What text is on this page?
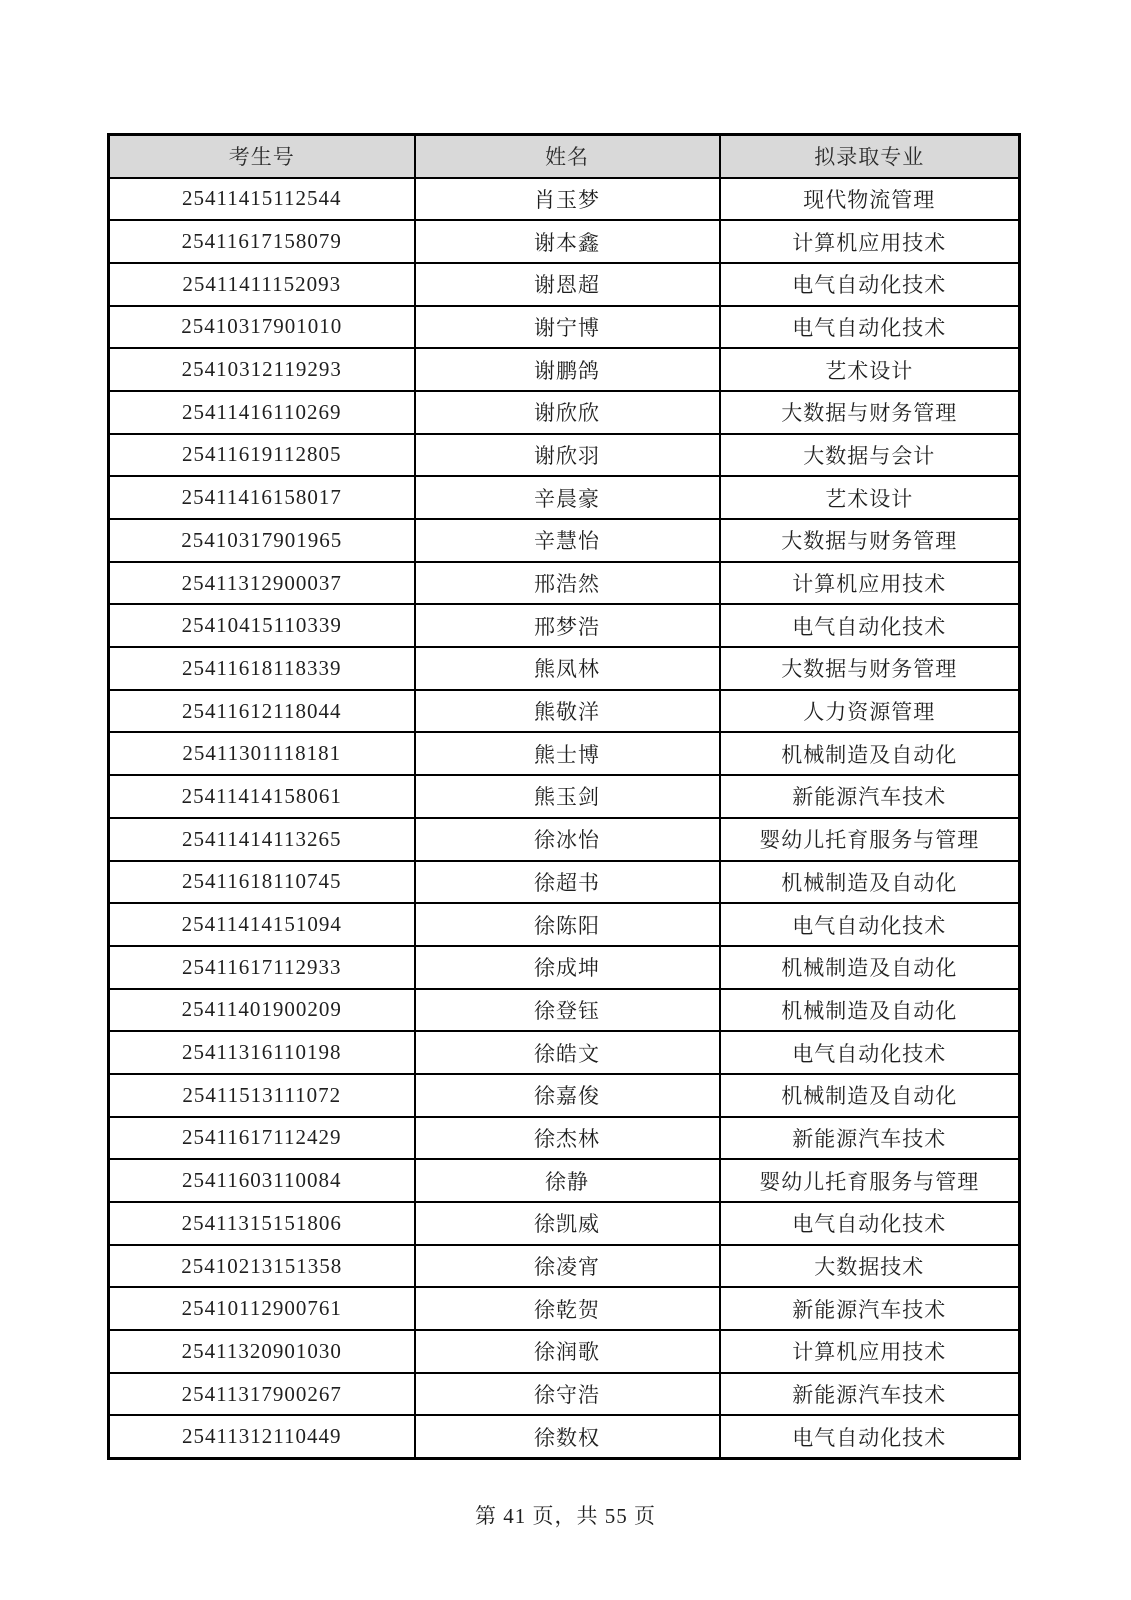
考生号	姓名	拟录取专业
25411415112544	肖玉梦	现代物流管理
25411617158079	谢本鑫	计算机应用技术
25411411152093	谢恩超	电气自动化技术
25410317901010	谢宁博	电气自动化技术
25410312119293	谢鹏鸽	艺术设计
25411416110269	谢欣欣	大数据与财务管理
25411619112805	谢欣羽	大数据与会计
25411416158017	辛晨豪	艺术设计
25410317901965	辛慧怡	大数据与财务管理
25411312900037	邢浩然	计算机应用技术
25410415110339	邢梦浩	电气自动化技术
25411618118339	熊凤林	大数据与财务管理
25411612118044	熊敬洋	人力资源管理
25411301118181	熊士博	机械制造及自动化
25411414158061	熊玉剑	新能源汽车技术
25411414113265	徐冰怡	婴幼儿托育服务与管理
25411618110745	徐超书	机械制造及自动化
25411414151094	徐陈阳	电气自动化技术
25411617112933	徐成坤	机械制造及自动化
25411401900209	徐登钰	机械制造及自动化
25411316110198	徐皓文	电气自动化技术
25411513111072	徐嘉俊	机械制造及自动化
25411617112429	徐杰林	新能源汽车技术
25411603110084	徐静	婴幼儿托育服务与管理
25411315151806	徐凯威	电气自动化技术
25410213151358	徐凌宵	大数据技术
25410112900761	徐乾贺	新能源汽车技术
25411320901030	徐润歌	计算机应用技术
25411317900267	徐守浩	新能源汽车技术
25411312110449	徐数权	电气自动化技术
第 41 页，共 55 页
